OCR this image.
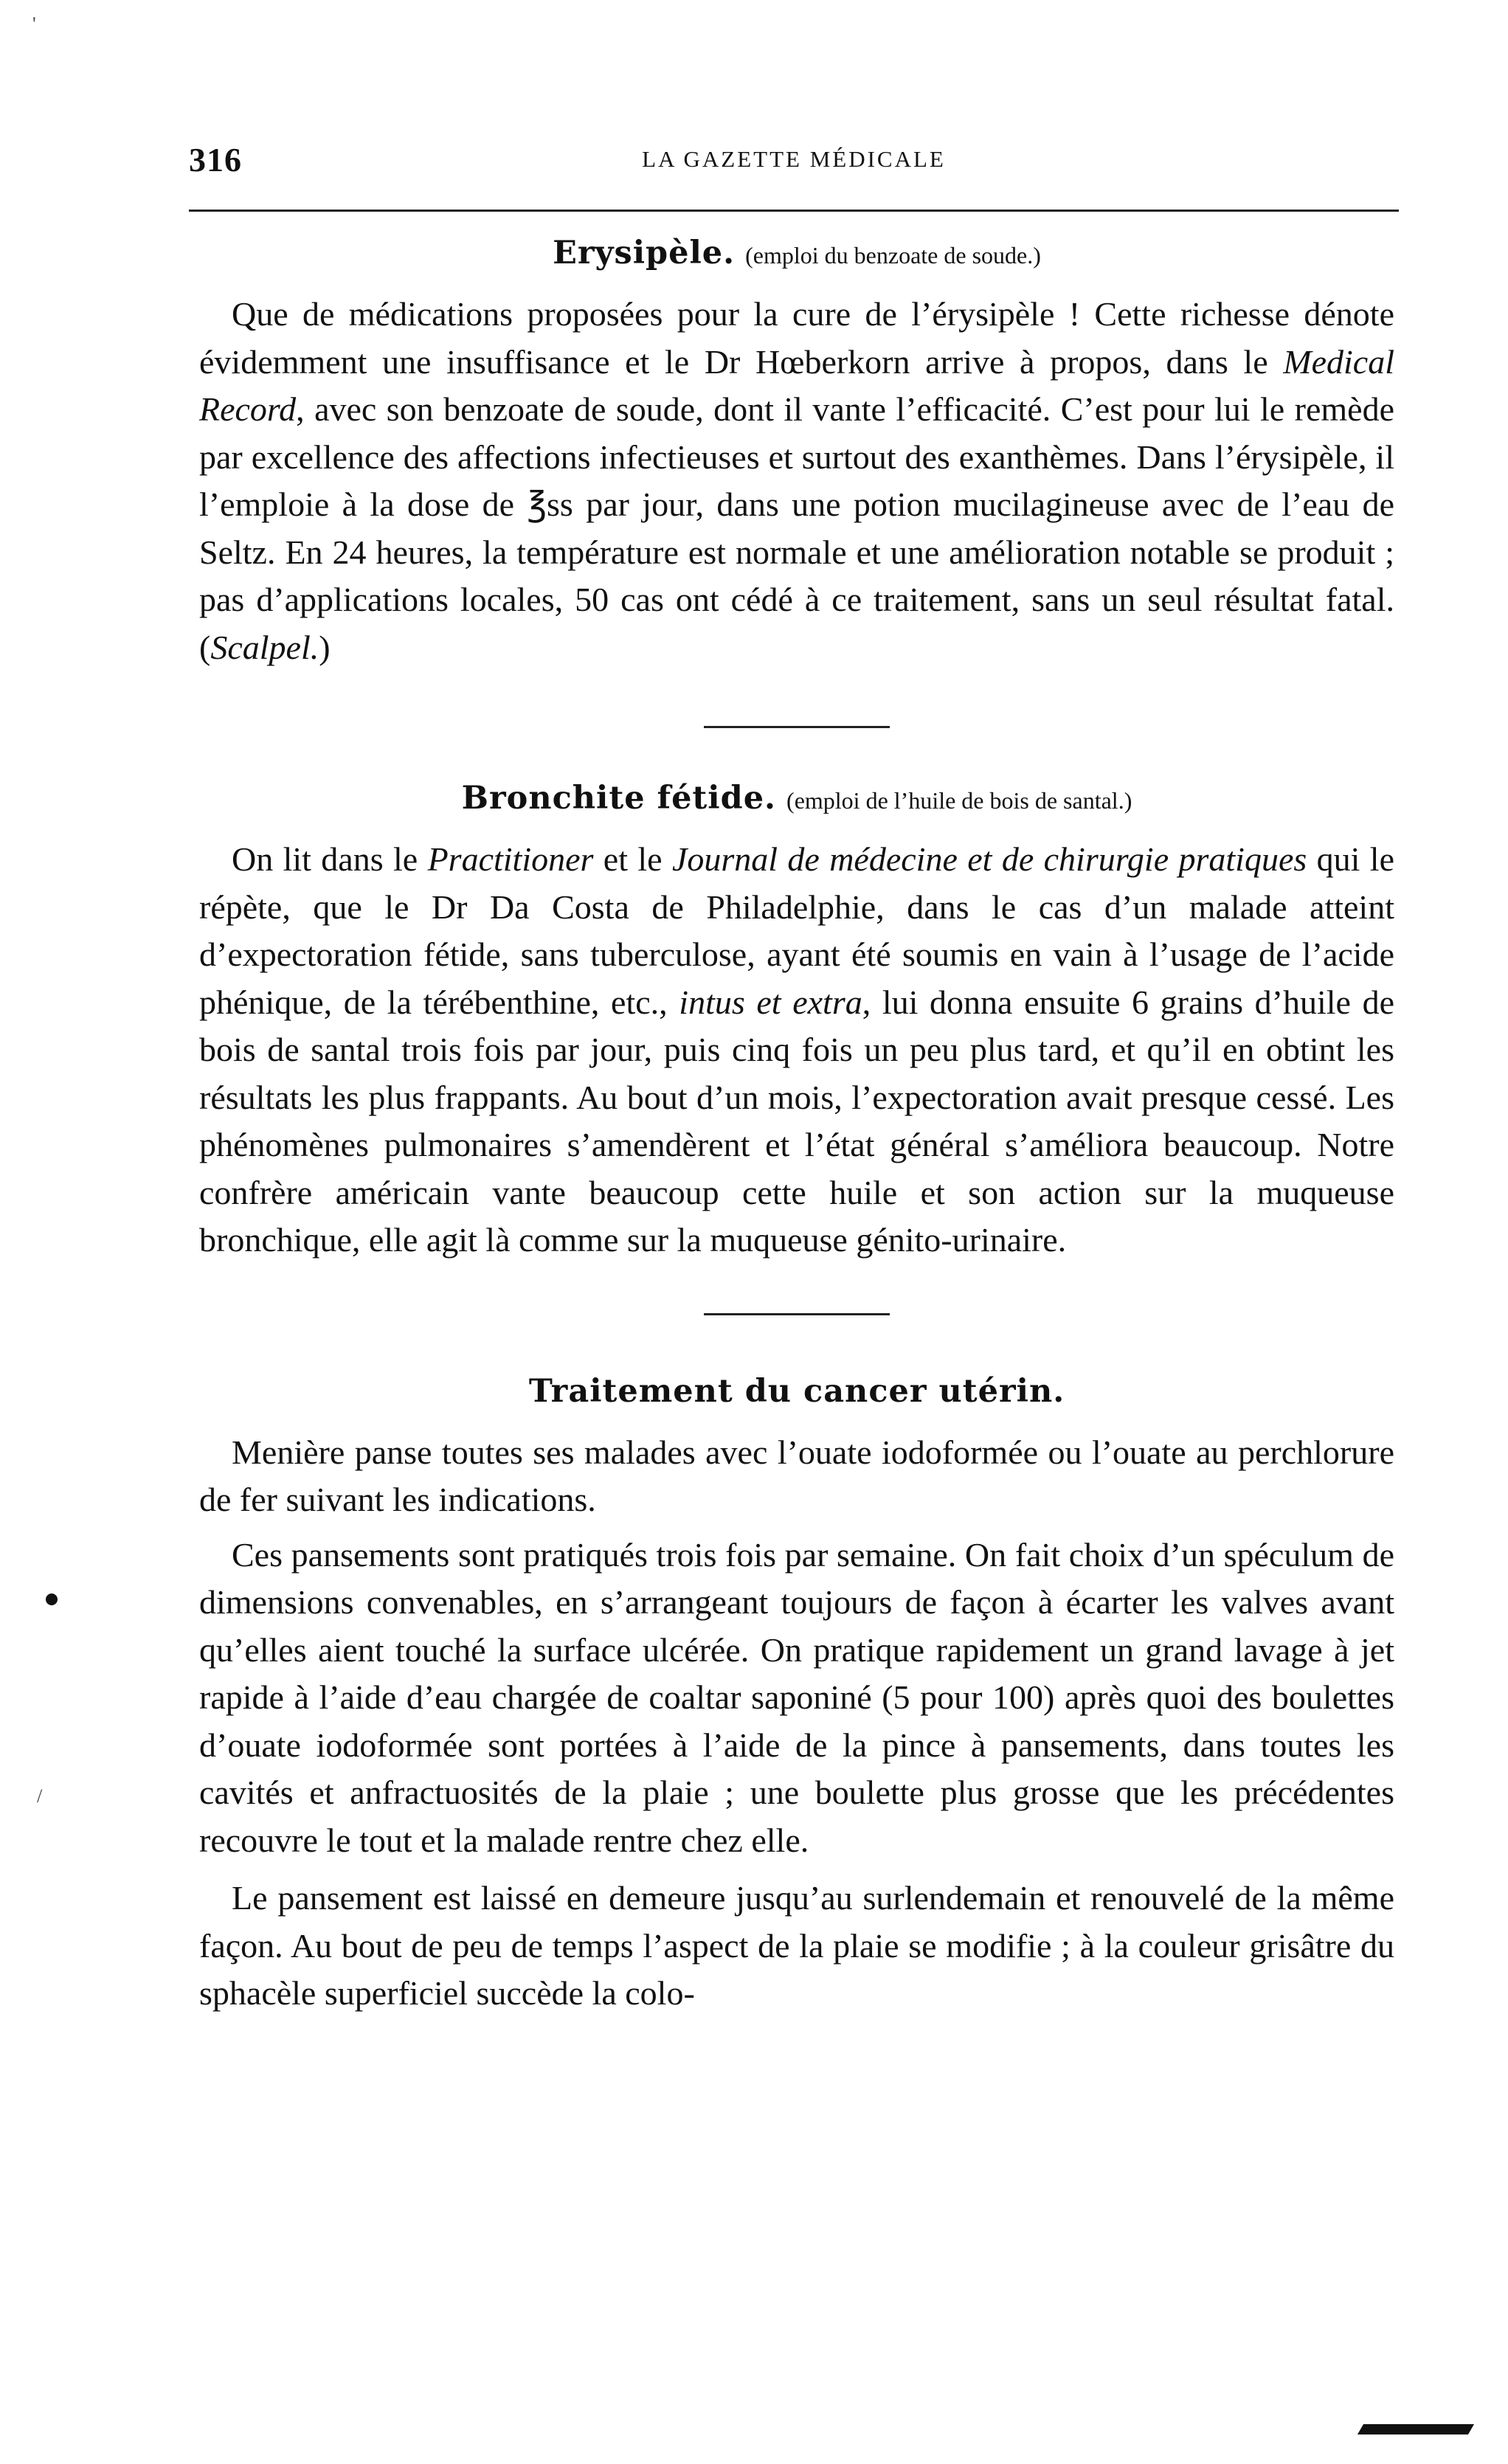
'
316	LA GAZETTE MÉDICALE
Erysipèle. (emploi du benzoate de soude.)

Que de médications proposées pour la cure de l’érysipèle ! Cette richesse dénote évidemment une insuffisance et le Dr Hœberkorn arrive à propos, dans le Medical Record, avec son benzoate de soude, dont il vante l’efficacité. C’est pour lui le remède par excellence des affections infectieuses et surtout des exanthèmes. Dans l’érysipèle, il l’emploie à la dose de ℥ss par jour, dans une potion mucilagineuse avec de l’eau de Seltz. En 24 heures, la température est normale et une amélioration notable se produit ; pas d’applications locales, 50 cas ont cédé à ce traitement, sans un seul résultat fatal. (Scalpel.)

Bronchite fétide. (emploi de l’huile de bois de santal.)

On lit dans le Practitioner et le Journal de médecine et de chirurgie pratiques qui le répète, que le Dr Da Costa de Philadelphie, dans le cas d’un malade atteint d’expectoration fétide, sans tuberculose, ayant été soumis en vain à l’usage de l’acide phénique, de la térébenthine, etc., intus et extra, lui donna ensuite 6 grains d’huile de bois de santal trois fois par jour, puis cinq fois un peu plus tard, et qu’il en obtint les résultats les plus frappants. Au bout d’un mois, l’expectoration avait presque cessé. Les phénomènes pulmonaires s’amendèrent et l’état général s’améliora beaucoup. Notre confrère américain vante beaucoup cette huile et son action sur la muqueuse bronchique, elle agit là comme sur la muqueuse génito-urinaire.

Traitement du cancer utérin.

Menière panse toutes ses malades avec l’ouate iodoformée ou l’ouate au perchlorure de fer suivant les indications.

Ces pansements sont pratiqués trois fois par semaine. On fait choix d’un spéculum de dimensions convenables, en s’arrangeant toujours de façon à écarter les valves avant qu’elles aient touché la surface ulcérée. On pratique rapidement un grand lavage à jet rapide à l’aide d’eau chargée de coaltar saponiné (5 pour 100) après quoi des boulettes d’ouate iodoformée sont portées à l’aide de la pince à pansements, dans toutes les cavités et anfractuosités de la plaie ; une boulette plus grosse que les précédentes recouvre le tout et la malade rentre chez elle.

Le pansement est laissé en demeure jusqu’au surlendemain et renouvelé de la même façon. Au bout de peu de temps l’aspect de la plaie se modifie ; à la couleur grisâtre du sphacèle superficiel succède la colo-

/
